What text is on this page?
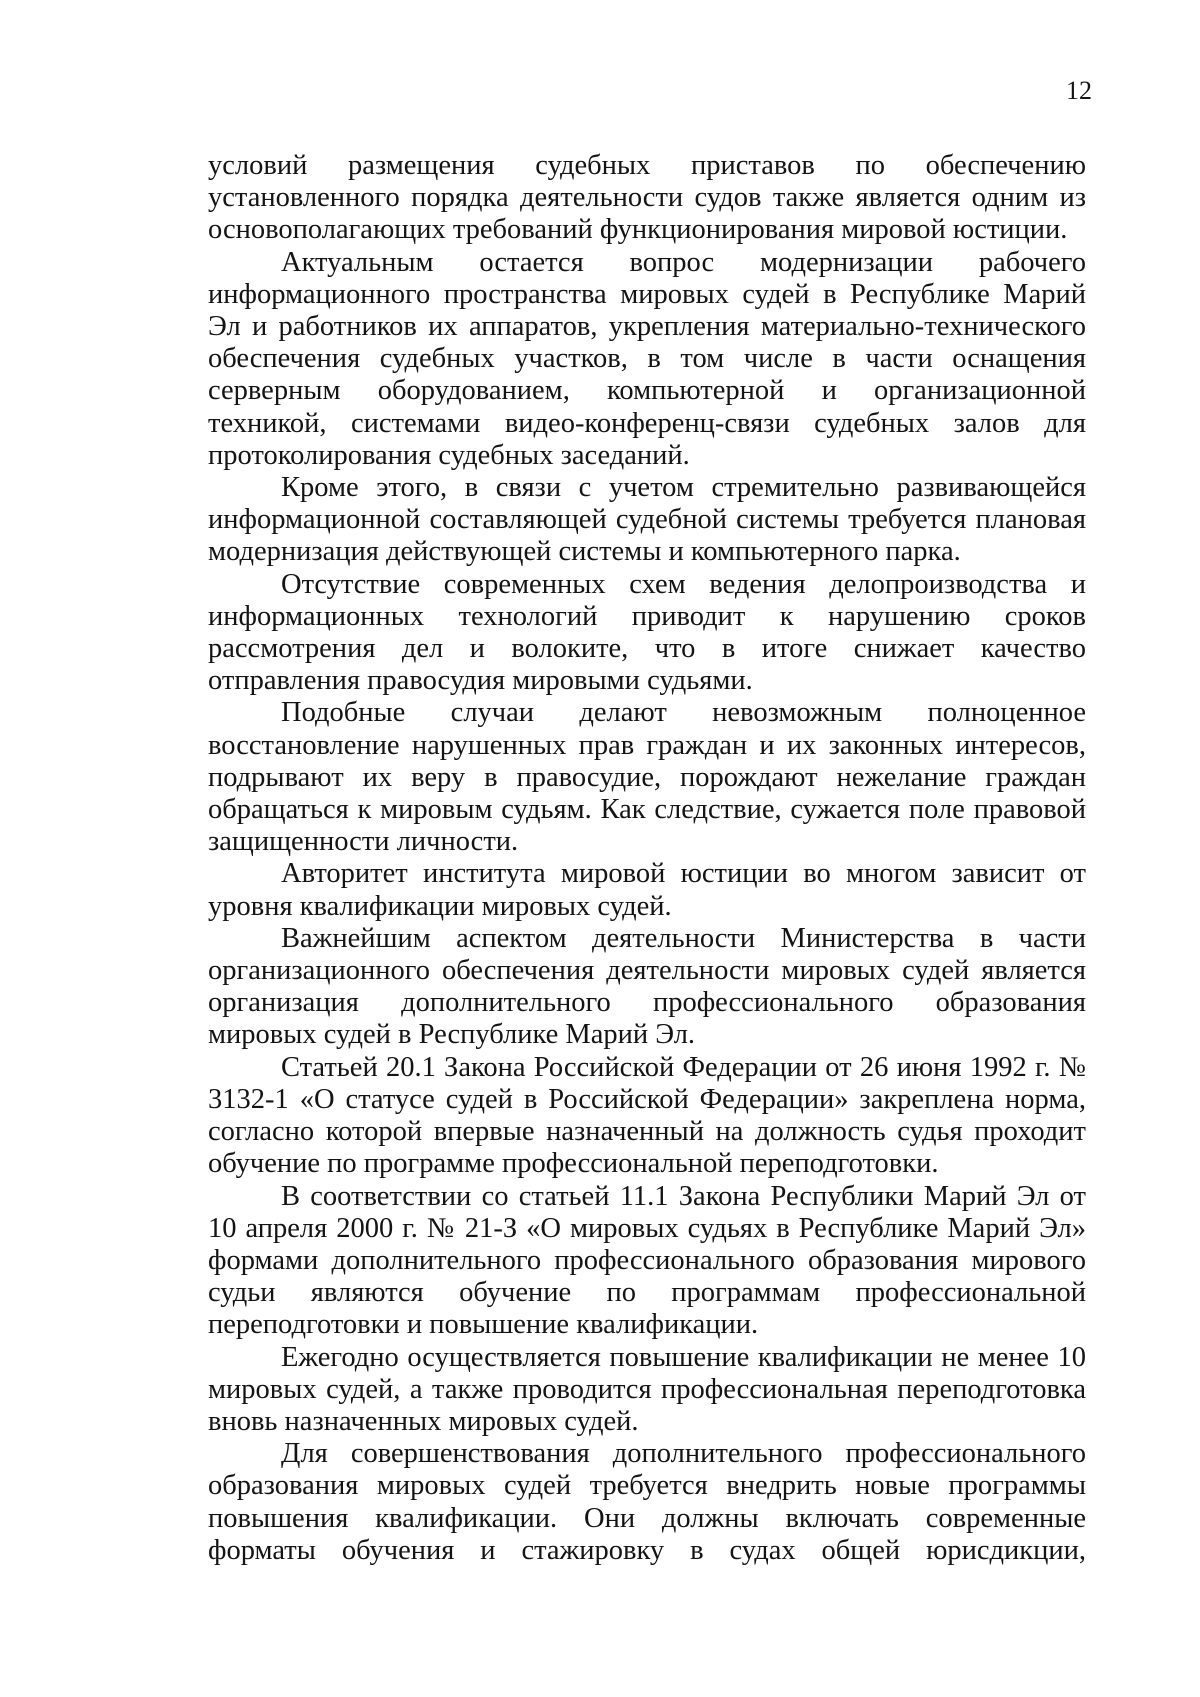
12

условий размещения судебных приставов по обеспечению установленного порядка деятельности судов также является одним из основополагающих требований функционирования мировой юстиции.

Актуальным остается вопрос модернизации рабочего информационного пространства мировых судей в Республике Марий Эл и работников их аппаратов, укрепления материально-технического обеспечения судебных участков, в том числе в части оснащения серверным оборудованием, компьютерной и организационной техникой, системами видео-конференц-связи судебных залов для протоколирования судебных заседаний.

Кроме этого, в связи с учетом стремительно развивающейся информационной составляющей судебной системы требуется плановая модернизация действующей системы и компьютерного парка.

Отсутствие современных схем ведения делопроизводства и информационных технологий приводит к нарушению сроков рассмотрения дел и волоките, что в итоге снижает качество отправления правосудия мировыми судьями.

Подобные случаи делают невозможным полноценное восстановление нарушенных прав граждан и их законных интересов, подрывают их веру в правосудие, порождают нежелание граждан обращаться к мировым судьям. Как следствие, сужается поле правовой защищенности личности.

Авторитет института мировой юстиции во многом зависит от уровня квалификации мировых судей.

Важнейшим аспектом деятельности Министерства в части организационного обеспечения деятельности мировых судей является организация дополнительного профессионального образования мировых судей в Республике Марий Эл.

Статьей 20.1 Закона Российской Федерации от 26 июня 1992 г. № 3132-1 «О статусе судей в Российской Федерации» закреплена норма, согласно которой впервые назначенный на должность судья проходит обучение по программе профессиональной переподготовки.

В соответствии со статьей 11.1 Закона Республики Марий Эл от 10 апреля 2000 г. № 21-З «О мировых судьях в Республике Марий Эл» формами дополнительного профессионального образования мирового судьи являются обучение по программам профессиональной переподготовки и повышение квалификации.

Ежегодно осуществляется повышение квалификации не менее 10 мировых судей, а также проводится профессиональная переподготовка вновь назначенных мировых судей.

Для совершенствования дополнительного профессионального образования мировых судей требуется внедрить новые программы повышения квалификации. Они должны включать современные форматы обучения и стажировку в судах общей юрисдикции,
